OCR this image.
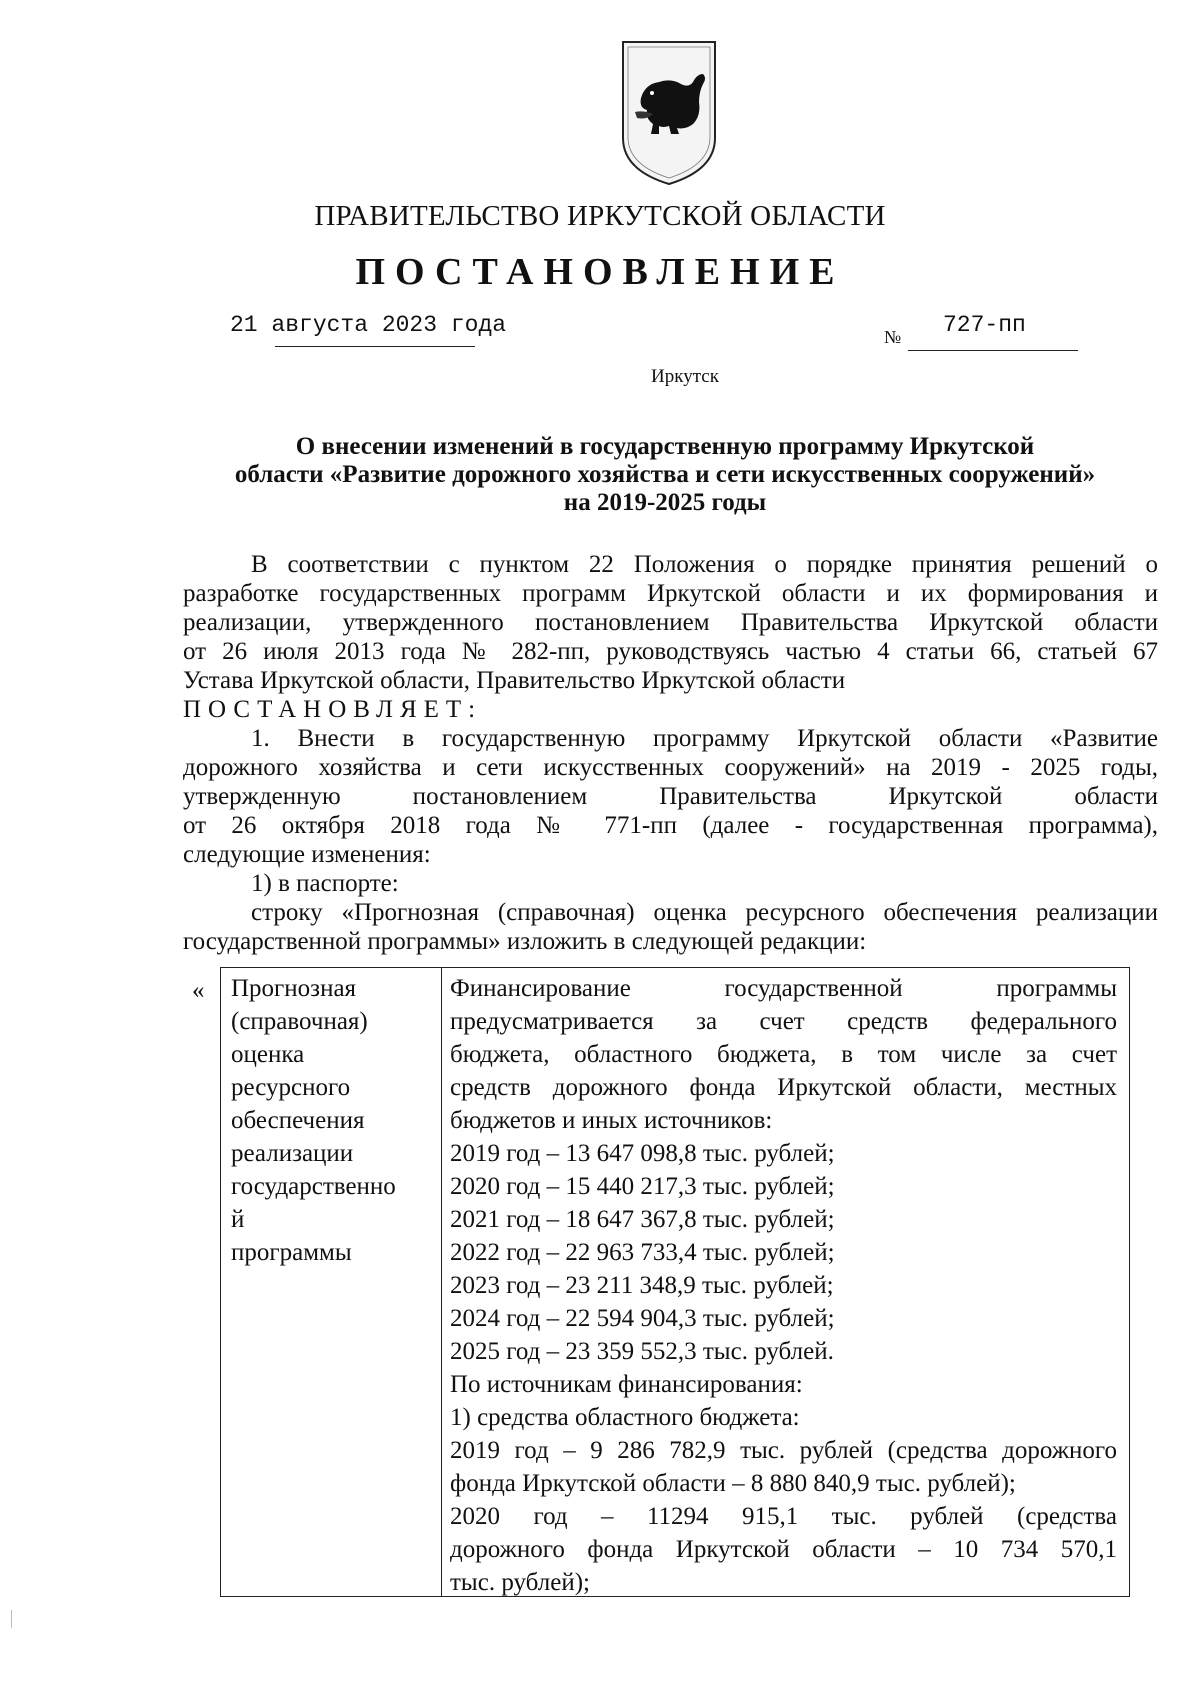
ПРАВИТЕЛЬСТВО ИРКУТСКОЙ ОБЛАСТИ
ПОСТАНОВЛЕНИЕ
21 августа 2023 года	№ 727-пп
Иркутск
О внесении изменений в государственную программу Иркутской
области «Развитие дорожного хозяйства и сети искусственных сооружений»
на 2019-2025 годы
В соответствии с пунктом 22 Положения о порядке принятия решений о
разработке государственных программ Иркутской области и их формирования и
реализации, утвержденного постановлением Правительства Иркутской области
от 26 июля 2013 года № 282-пп, руководствуясь частью 4 статьи 66, статьей 67
Устава Иркутской области, Правительство Иркутской области
ПОСТАНОВЛЯЕТ:
1. Внести в государственную программу Иркутской области «Развитие
дорожного хозяйства и сети искусственных сооружений» на 2019 - 2025 годы,
утвержденную постановлением Правительства Иркутской области
от 26 октября 2018 года № 771-пп (далее - государственная программа),
следующие изменения:
1) в паспорте:
строку «Прогнозная (справочная) оценка ресурсного обеспечения реализации
государственной программы» изложить в следующей редакции:
« Прогнозная
(справочная)
оценка
ресурсного
обеспечения
реализации
государственно
й
программы
Финансирование государственной программы
предусматривается за счет средств федерального
бюджета, областного бюджета, в том числе за счет
средств дорожного фонда Иркутской области, местных
бюджетов и иных источников:
2019 год – 13 647 098,8 тыс. рублей;
2020 год – 15 440 217,3 тыс. рублей;
2021 год – 18 647 367,8 тыс. рублей;
2022 год – 22 963 733,4 тыс. рублей;
2023 год – 23 211 348,9 тыс. рублей;
2024 год – 22 594 904,3 тыс. рублей;
2025 год – 23 359 552,3 тыс. рублей.
По источникам финансирования:
1) средства областного бюджета:
2019 год – 9 286 782,9 тыс. рублей (средства дорожного
фонда Иркутской области – 8 880 840,9 тыс. рублей);
2020 год – 11294 915,1 тыс. рублей (средства
дорожного фонда Иркутской области – 10 734 570,1
тыс. рублей);
